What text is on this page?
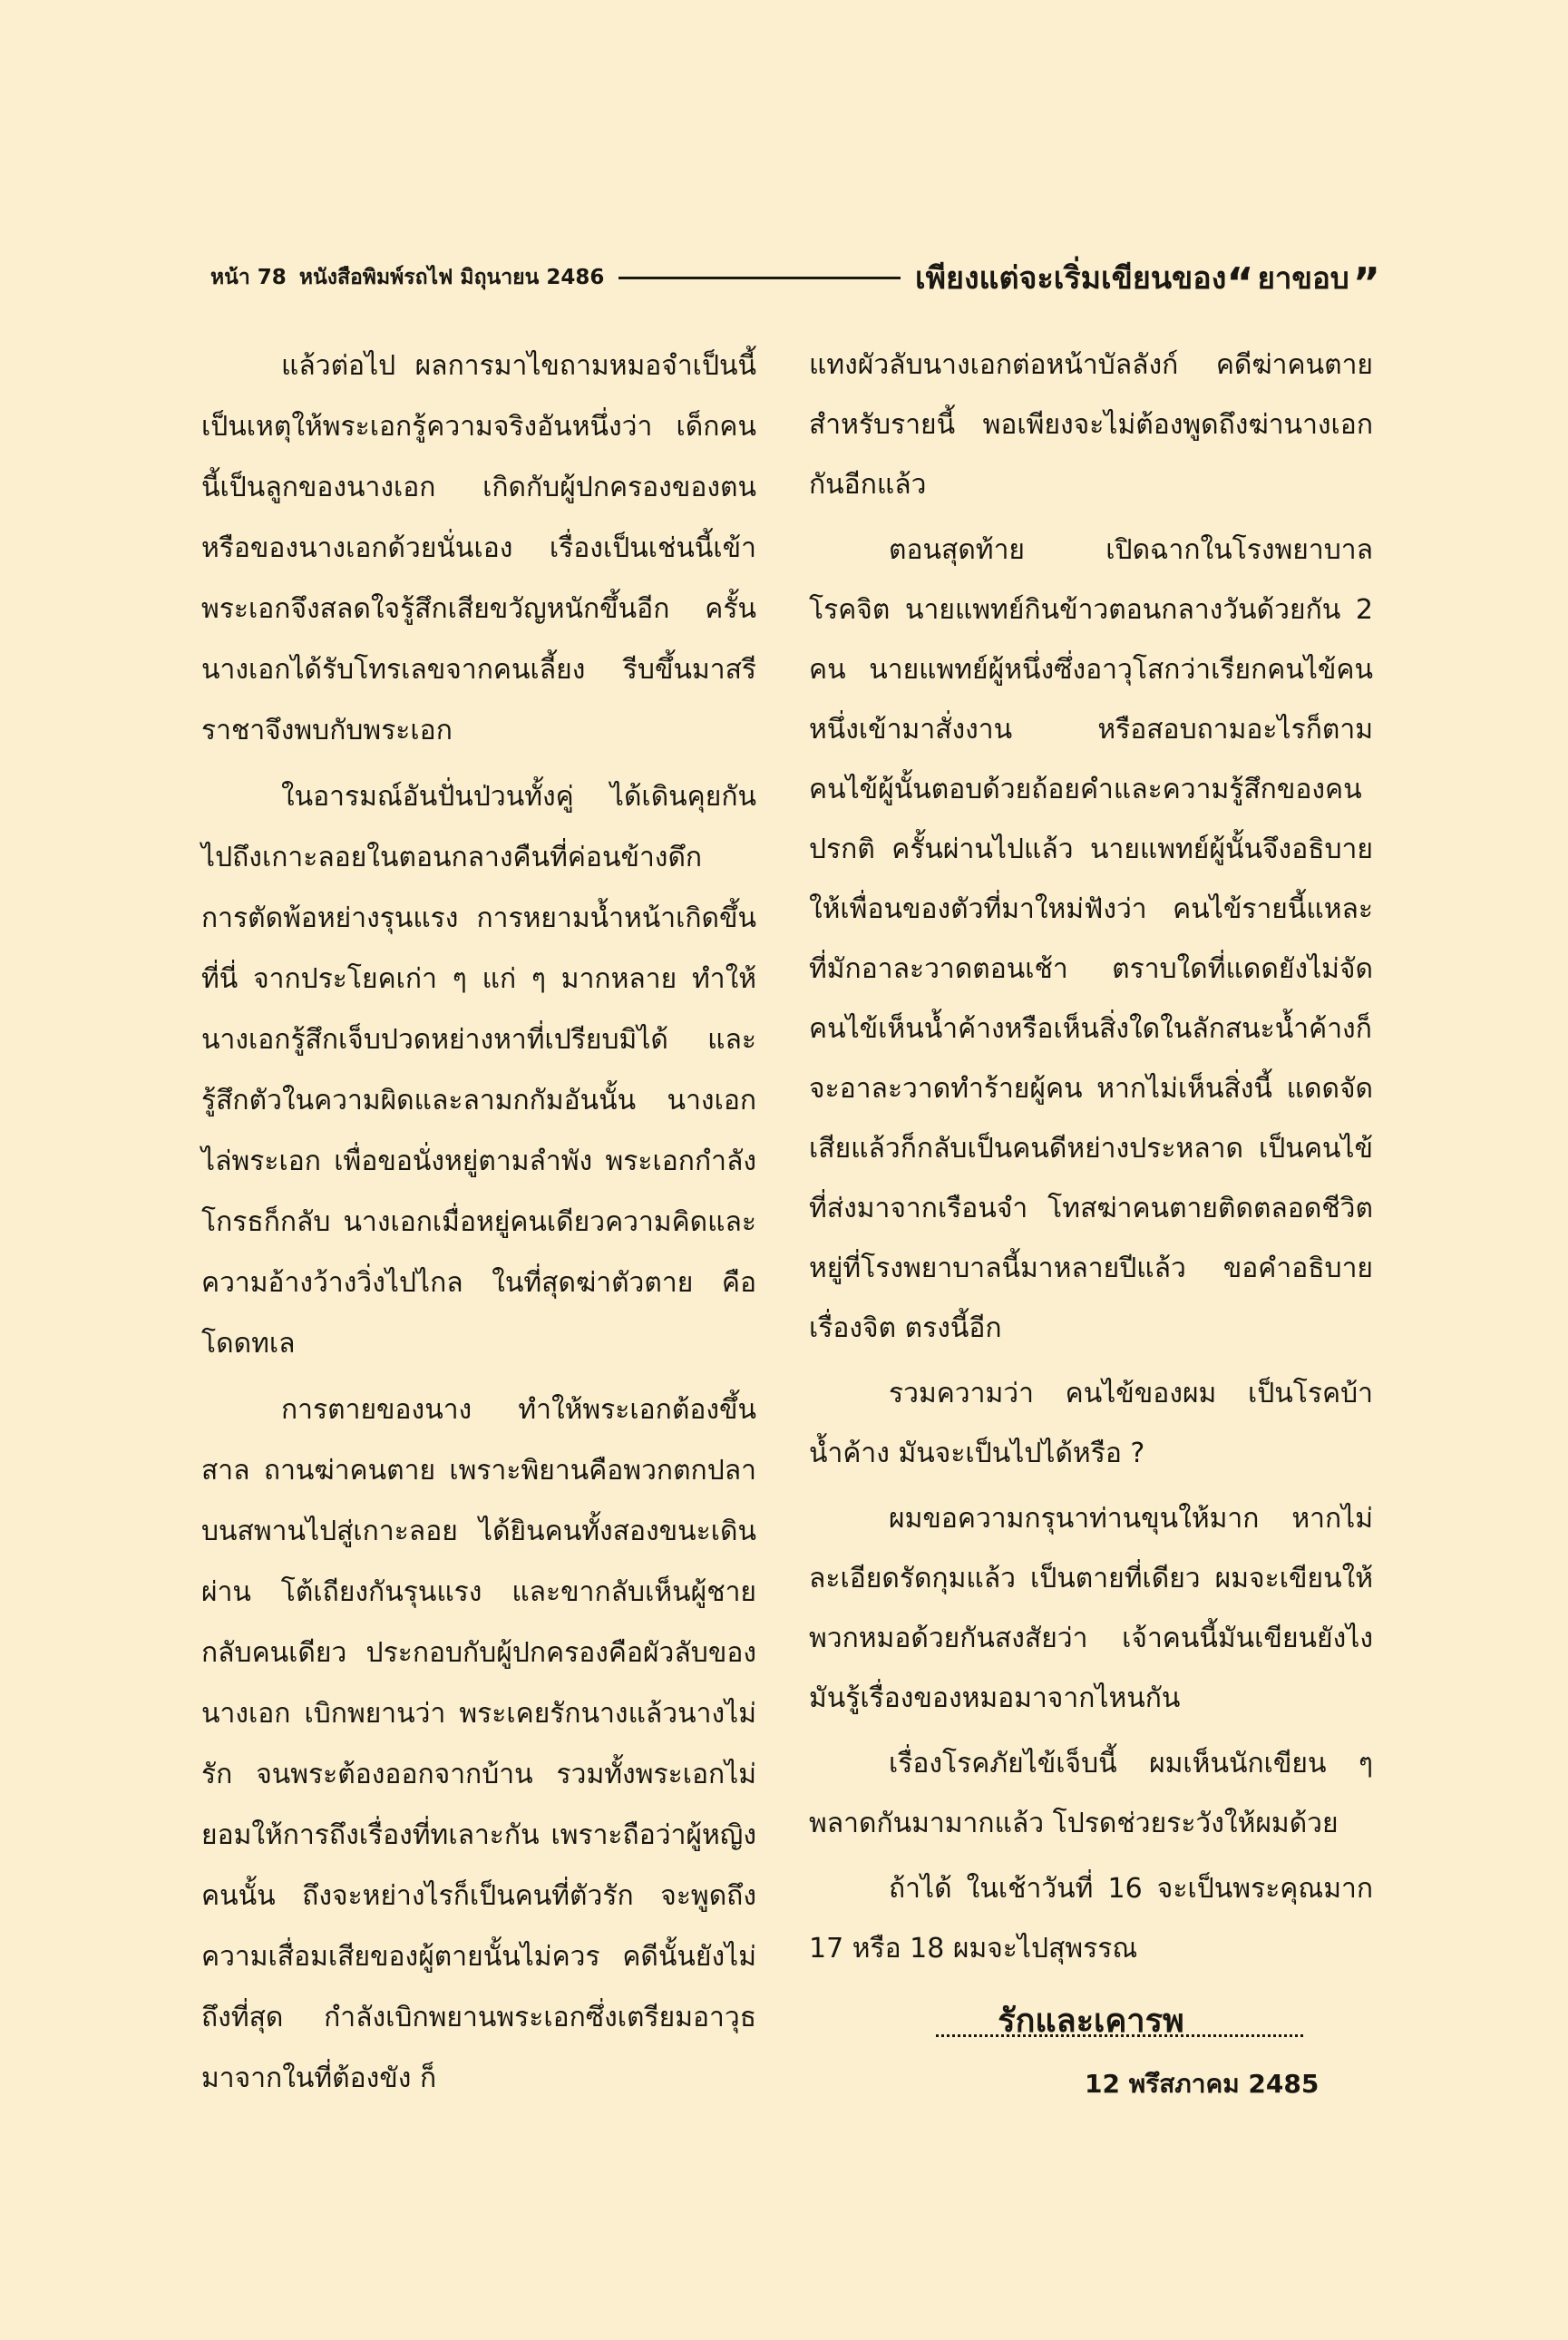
หน้า 78 หนังสือพิมพ์รถไฟ มิถุนายน 2486	เพียงแต่จะเริ่มเขียนของ “ ยาขอบ ”

แล้วต่อไป ผลการมาไขถามหมอจำเป็นนี้ เป็นเหตุให้พระเอกรู้ความจริงอันหนึ่งว่า เด็กคนนี้เป็นลูกของนางเอก เกิดกับผู้ปกครองของตนหรือของนางเอกด้วยนั่นเอง เรื่องเป็นเช่นนี้เข้า พระเอกจึงสลดใจรู้สึกเสียขวัญหนักขึ้นอีก ครั้นนางเอกได้รับโทรเลขจากคนเลี้ยง รีบขึ้นมาสรีราชาจึงพบกับพระเอก

ในอารมณ์อันปั่นป่วนทั้งคู่ ได้เดินคุยกันไปถึงเกาะลอยในตอนกลางคืนที่ค่อนข้างดึก การตัดพ้อหย่างรุนแรง การหยามน้ำหน้าเกิดขึ้นที่นี่ จากประโยคเก่า ๆ แก่ ๆ มากหลาย ทำให้นางเอกรู้สึกเจ็บปวดหย่างหาที่เปรียบมิได้ และรู้สึกตัวในความผิดและลามกกัมอันนั้น นางเอกไล่พระเอก เพื่อขอนั่งหยู่ตามลำพัง พระเอกกำลังโกรธก็กลับ นางเอกเมื่อหยู่คนเดียวความคิดและความอ้างว้างวิ่งไปไกล ในที่สุดฆ่าตัวตาย คือโดดทเล

การตายของนาง ทำให้พระเอกต้องขึ้นสาล ถานฆ่าคนตาย เพราะพิยานคือพวกตกปลาบนสพานไปสู่เกาะลอย ได้ยินคนทั้งสองขนะเดินผ่าน โต้เถียงกันรุนแรง และขากลับเห็นผู้ชายกลับคนเดียว ประกอบกับผู้ปกครองคือผัวลับของนางเอก เบิกพยานว่า พระเคยรักนางแล้วนางไม่รัก จนพระต้องออกจากบ้าน รวมทั้งพระเอกไม่ยอมให้การถึงเรื่องที่ทเลาะกัน เพราะถือว่าผู้หญิงคนนั้น ถึงจะหย่างไรก็เป็นคนที่ตัวรัก จะพูดถึงความเสื่อมเสียของผู้ตายนั้นไม่ควร คดีนั้นยังไม่ถึงที่สุด กำลังเบิกพยานพระเอกซึ่งเตรียมอาวุธมาจากในที่ต้องขัง ก็

แทงผัวลับนางเอกต่อหน้าบัลลังก์ คดีฆ่าคนตายสำหรับรายนี้ พอเพียงจะไม่ต้องพูดถึงฆ่านางเอกกันอีกแล้ว

ตอนสุดท้าย เปิดฉากในโรงพยาบาลโรคจิต นายแพทย์กินข้าวตอนกลางวันด้วยกัน 2 คน นายแพทย์ผู้หนึ่งซึ่งอาวุโสกว่าเรียกคนไข้คนหนึ่งเข้ามาสั่งงาน หรือสอบถามอะไรก็ตาม คนไข้ผู้นั้นตอบด้วยถ้อยคำและความรู้สึกของคนปรกติ ครั้นผ่านไปแล้ว นายแพทย์ผู้นั้นจึงอธิบายให้เพื่อนของตัวที่มาใหม่ฟังว่า คนไข้รายนี้แหละที่มักอาละวาดตอนเช้า ตราบใดที่แดดยังไม่จัด คนไข้เห็นน้ำค้างหรือเห็นสิ่งใดในลักสนะน้ำค้างก็จะอาละวาดทำร้ายผู้คน หากไม่เห็นสิ่งนี้ แดดจัดเสียแล้วก็กลับเป็นคนดีหย่างประหลาด เป็นคนไข้ที่ส่งมาจากเรือนจำ โทสฆ่าคนตายติดตลอดชีวิต หยู่ที่โรงพยาบาลนี้มาหลายปีแล้ว ขอคำอธิบายเรื่องจิต ตรงนี้อีก

รวมความว่า คนไข้ของผม เป็นโรคบ้าน้ำค้าง มันจะเป็นไปได้หรือ ?

ผมขอความกรุนาท่านขุนให้มาก หากไม่ละเอียดรัดกุมแล้ว เป็นตายที่เดียว ผมจะเขียนให้พวกหมอด้วยกันสงสัยว่า เจ้าคนนี้มันเขียนยังไง มันรู้เรื่องของหมอมาจากไหนกัน

เรื่องโรคภัยไข้เจ็บนี้ ผมเห็นนักเขียน ๆ พลาดกันมามากแล้ว โปรดช่วยระวังให้ผมด้วย

ถ้าได้ ในเช้าวันที่ 16 จะเป็นพระคุณมาก 17 หรือ 18 ผมจะไปสุพรรณ

รักและเคารพ

12 พรึสภาคม 2485
